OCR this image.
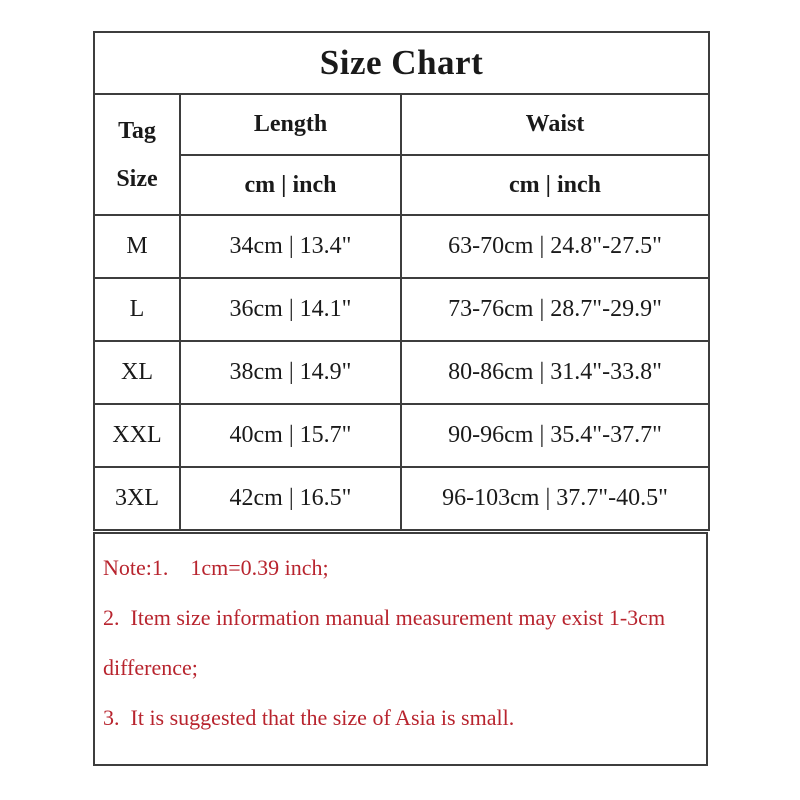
Size Chart		

Tag
Size	Length	Waist
	cm | inch	cm | inch
M	34cm | 13.4"	63-70cm | 24.8"-27.5"
L	36cm | 14.1"	73-76cm | 28.7"-29.9"
XL	38cm | 14.9"	80-86cm | 31.4"-33.8"
XXL	40cm | 15.7"	90-96cm | 35.4"-37.7"
3XL	42cm | 16.5"	96-103cm | 37.7"-40.5"

Note:1.    1cm=0.39 inch;

2.  Item size information manual measurement may exist 1-3cm

difference;

3.  It is suggested that the size of Asia is small.
